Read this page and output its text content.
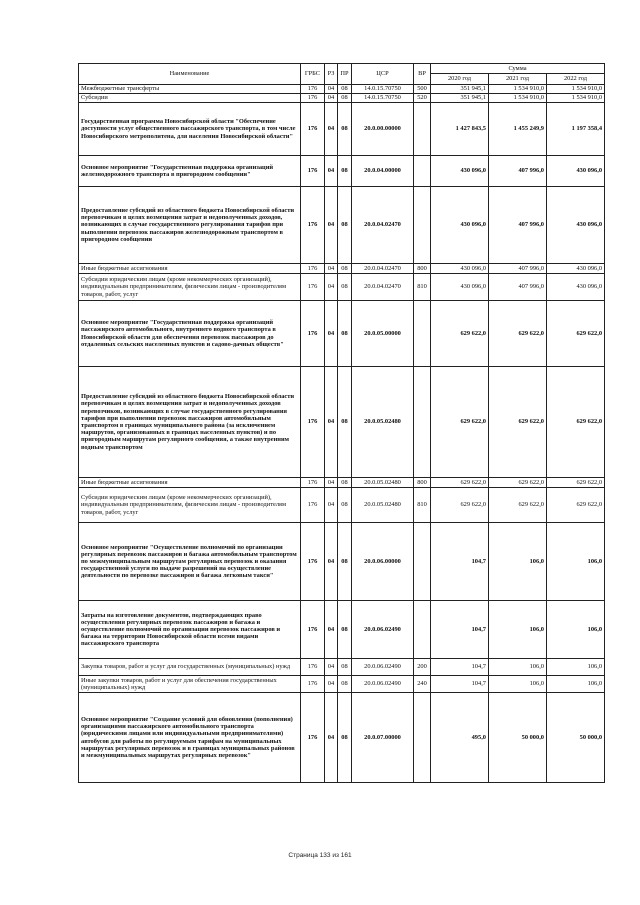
Наименование	ГРБС	РЗ	ПР	ЦСР	ВР	Сумма		
						2020 год	2021 год	2022 год
Межбюджетные трансферты	176	04	08	14.0.15.70750	500	351 945,1	1 534 910,0	1 534 910,0
Субсидии	176	04	08	14.0.15.70750	520	351 945,1	1 534 910,0	1 534 910,0
Государственная программа Новосибирской области "Обеспечение доступности услуг общественного пассажирского транспорта, в том числе Новосибирского метрополитена, для населения Новосибирской области"	176	04	08	20.0.00.00000		1 427 843,5	1 455 249,9	1 197 358,4
Основное мероприятие "Государственная поддержка организаций железнодорожного транспорта в пригородном сообщении"	176	04	08	20.0.04.00000		430 096,0	407 996,0	430 096,0
Предоставление субсидий из областного бюджета Новосибирской области перевозчикам в целях возмещения затрат и недополученных доходов, возникающих в случае государственного регулирования тарифов при выполнении перевозок пассажиров железнодорожным транспортом в пригородном сообщении	176	04	08	20.0.04.02470		430 096,0	407 996,0	430 096,0
Иные бюджетные ассигнования	176	04	08	20.0.04.02470	800	430 096,0	407 996,0	430 096,0
Субсидии юридическим лицам (кроме некоммерческих организаций), индивидуальным предпринимателям, физическим лицам - производителям товаров, работ, услуг	176	04	08	20.0.04.02470	810	430 096,0	407 996,0	430 096,0
Основное мероприятие "Государственная поддержка организаций пассажирского автомобильного, внутреннего водного транспорта в Новосибирской области для обеспечения перевозок пассажиров до отдаленных сельских населенных пунктов и садово-дачных обществ"	176	04	08	20.0.05.00000		629 622,0	629 622,0	629 622,0
Предоставление субсидий из областного бюджета Новосибирской области перевозчикам в целях возмещения затрат и недополученных доходов перевозчиков, возникающих в случае государственного регулирования тарифов при выполнении перевозок пассажиров автомобильным транспортом в границах муниципального района (за исключением маршрутов, организованных в границах населенных пунктов) и по пригородным маршрутам регулярного сообщения, а также внутренним водным транспортом	176	04	08	20.0.05.02480		629 622,0	629 622,0	629 622,0
Иные бюджетные ассигнования	176	04	08	20.0.05.02480	800	629 622,0	629 622,0	629 622,0
Субсидии юридическим лицам (кроме некоммерческих организаций), индивидуальным предпринимателям, физическим лицам - производителям товаров, работ, услуг	176	04	08	20.0.05.02480	810	629 622,0	629 622,0	629 622,0
Основное мероприятие "Осуществление полномочий по организации регулярных перевозок пассажиров и багажа автомобильным транспортом по межмуниципальным маршрутам регулярных перевозок и оказания государственной услуги по выдаче разрешений на осуществление деятельности по перевозке пассажиров и багажа легковым такси"	176	04	08	20.0.06.00000		104,7	106,0	106,0
Затраты на изготовление документов, подтверждающих право осуществления регулярных перевозок пассажиров и багажа и осуществление полномочий по организации перевозок пассажиров и багажа на территории Новосибирской области всеми видами пассажирского транспорта	176	04	08	20.0.06.02490		104,7	106,0	106,0
Закупка товаров, работ и услуг для государственных (муниципальных) нужд	176	04	08	20.0.06.02490	200	104,7	106,0	106,0
Иные закупки товаров, работ и услуг для обеспечения государственных (муниципальных) нужд	176	04	08	20.0.06.02490	240	104,7	106,0	106,0
Основное мероприятие "Создание условий для обновления (пополнения) организациями пассажирского автомобильного транспорта (юридическими лицами или индивидуальными предпринимателями) автобусов для работы по регулируемым тарифам на муниципальных маршрутах регулярных перевозок и в границах муниципальных районов и межмуниципальных маршрутах регулярных перевозок"	176	04	08	20.0.07.00000		495,0	50 000,0	50 000,0
Страница 133 из 161
